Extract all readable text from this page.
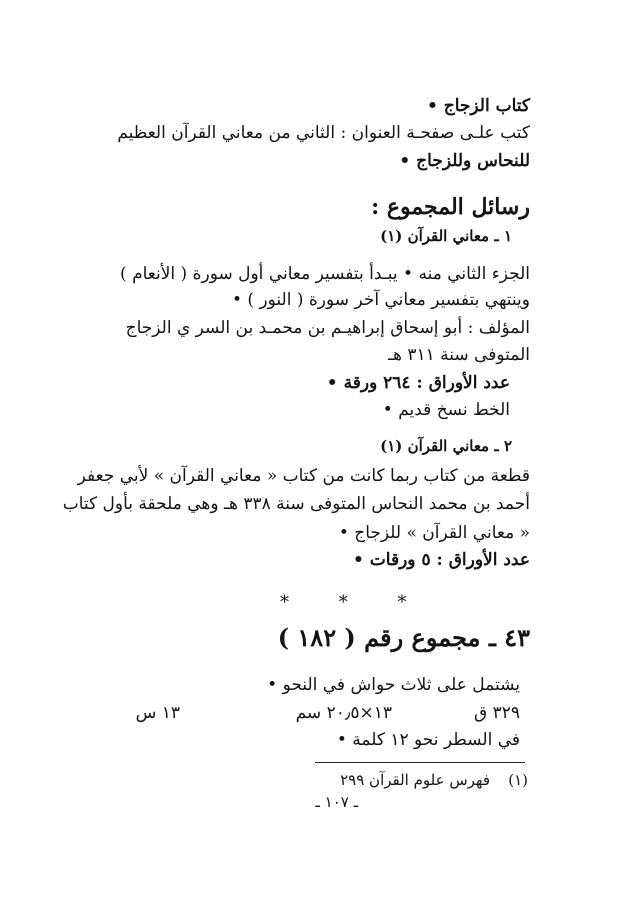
كتاب الزجاج •
كتب علـى صفحـة العنوان : الثاني من معاني القرآن العظيم
للنحاس وللزجاج •
رسائل المجموع :
١ ـ معاني القرآن (١)
الجزء الثاني منه • يبـدأ بتفسير معاني أول سورة ( الأنعام )
وينتهي بتفسير معاني آخر سورة ( النور ) •
المؤلف : أبو إسحاق إبراهيـم بن محمـد بن السر ي الزجاج
المتوفى سنة ٣١١ هـ
عدد الأوراق : ٢٦٤ ورقة •
الخط نسخ قديم •
٢ ـ معاني القرآن (١)
قطعة من كتاب ربما كانت من كتاب « معاني القرآن » لأبي جعفر
أحمد بن محمد النحاس المتوفى سنة ٣٣٨ هـ وهي ملحقة بأول كتاب
« معاني القرآن » للزجاج •
عدد الأوراق : ٥ ورقات •
* * *
٤٣ ـ مجموع رقم ( ١٨٢ )
يشتمل على ثلاث حواش في النحو •
٣٢٩ ق
١٣×٢٠٫٥ سم
١٣ س
في السطر نحو ١٢ كلمة •
(١)
فهرس علوم القرآن ٢٩٩
ـ ١٠٧ ـ
